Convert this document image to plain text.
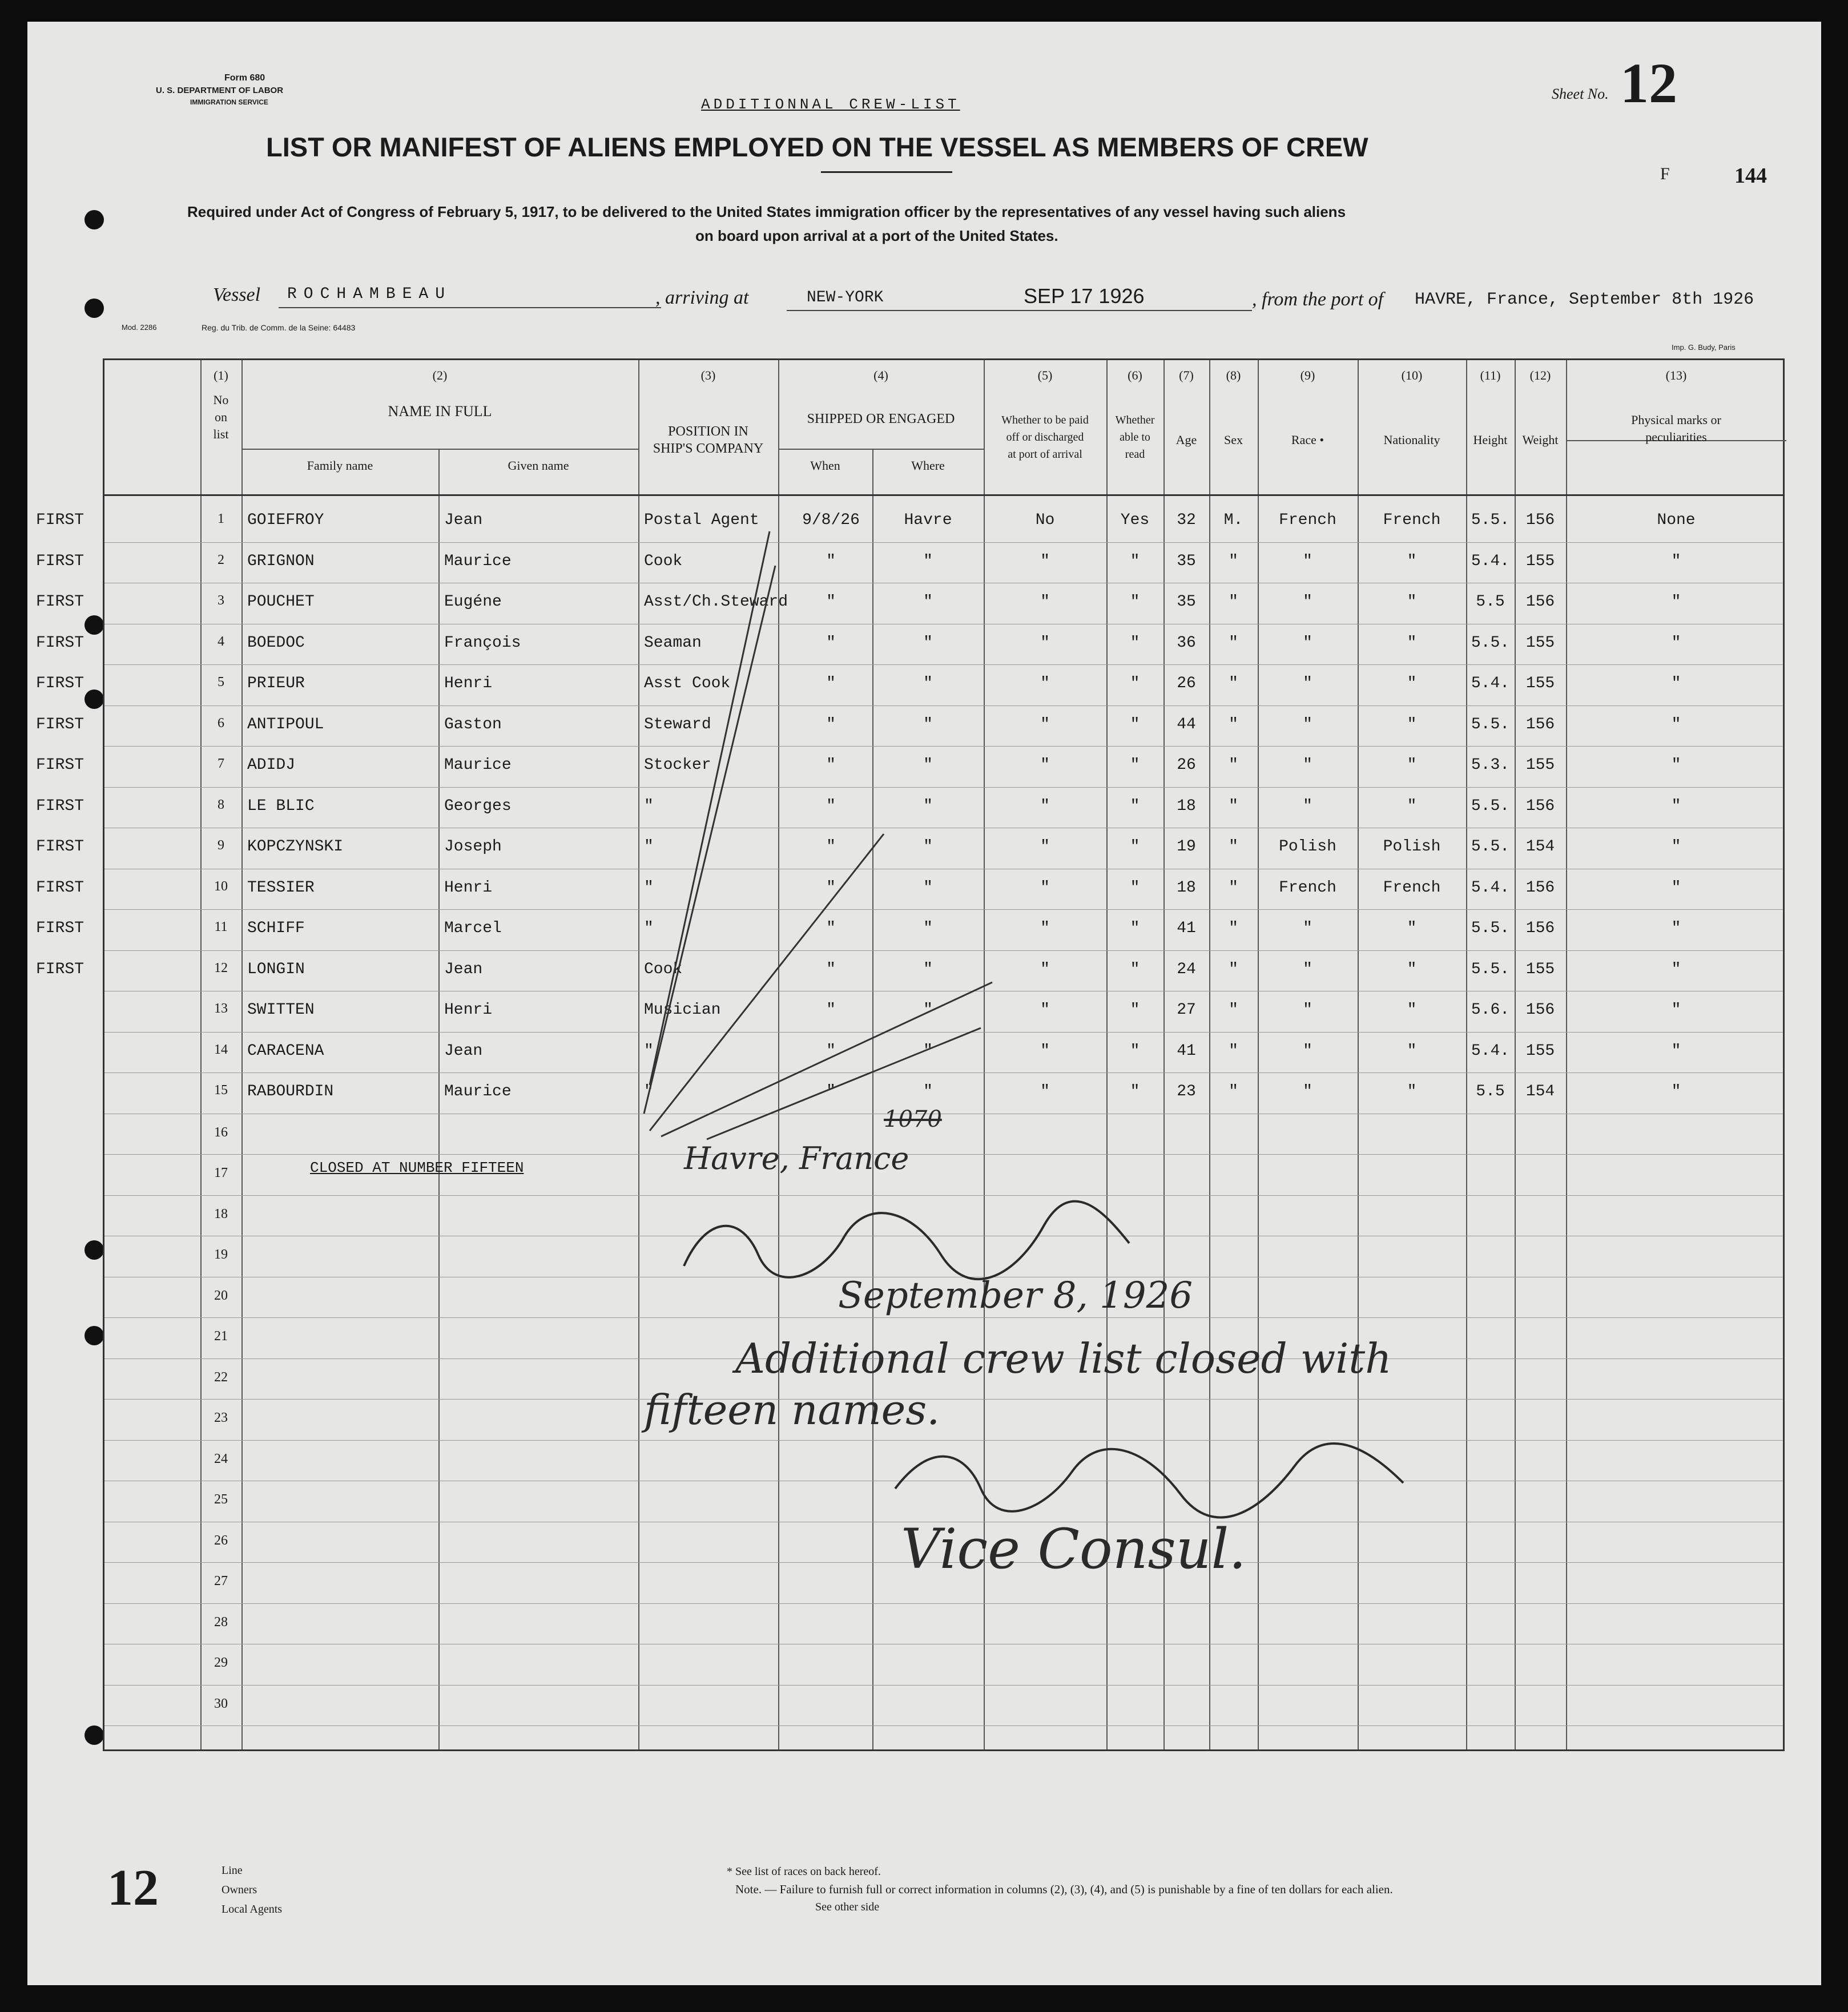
Form 680
U. S. DEPARTMENT OF LABOR
IMMIGRATION SERVICE	ADDITIONNAL CREW-LIST
Sheet No. 12
LIST OR MANIFEST OF ALIENS EMPLOYED ON THE VESSEL AS MEMBERS OF CREW
F	144
Required under Act of Congress of February 5, 1917, to be delivered to the United States immigration officer by the representatives of any vessel having such aliens
on board upon arrival at a port of the United States.
Vessel ROCHAMBEAU	, arriving at	NEW-YORK	SEP 17 1926	, from the port of HAVRE, France, September 8th 1926
Mod. 2286	Reg. du Trib. de Comm. de la Seine: 64483
Imp. G. Budy, Paris
(1)
No
on
list
(2)
NAME IN FULL
Family name	Given name
(3)
POSITION IN
SHIP'S COMPANY
(4)
SHIPPED OR ENGAGED
When	Where
(5)
Whether to be paid
off or discharged
at port of arrival
(6)
Whether
able to
read
(7)
Age
(8)
Sex
(9)
Race •
(10)
Nationality
(11)
Height
(12)
Weight
(13)
Physical marks or
peculiarities
FIRST	1	GOIEFROY	Jean	Postal Agent	9/8/26	Havre	No	Yes	32	M.	French	French	5.5.	156	None
FIRST	2	GRIGNON	Maurice	Cook	"	"	"	"	35	"	"	"	5.4.	155	"
FIRST	3	POUCHET	Eugéne	Asst/Ch.Steward	"	"	"	"	35	"	"	"	5.5	156	"
FIRST	4	BOEDOC	François	Seaman	"	"	"	"	36	"	"	"	5.5.	155	"
FIRST	5	PRIEUR	Henri	Asst Cook	"	"	"	"	26	"	"	"	5.4.	155	"
FIRST	6	ANTIPOUL	Gaston	Steward	"	"	"	"	44	"	"	"	5.5.	156	"
FIRST	7	ADIDJ	Maurice	Stocker	"	"	"	"	26	"	"	"	5.3.	155	"
FIRST	8	LE BLIC	Georges	"	"	"	"	"	18	"	"	"	5.5.	156	"
FIRST	9	KOPCZYNSKI	Joseph	"	"	"	"	"	19	"	Polish	Polish	5.5.	154	"
FIRST	10	TESSIER	Henri	"	"	"	"	"	18	"	French	French	5.4.	156	"
FIRST	11	SCHIFF	Marcel	"	"	"	"	"	41	"	"	"	5.5.	156	"
FIRST	12	LONGIN	Jean	Cook	"	"	"	"	24	"	"	"	5.5.	155	"
13	SWITTEN	Henri	Musician	"	"	"	"	27	"	"	"	5.6.	156	"
14	CARACENA	Jean	"	"	"	"	"	41	"	"	"	5.4.	155	"
15	RABOURDIN	Maurice	"	"	"	"	"	23	"	"	"	5.5	154	"
16
17
18
19
20
21
22
23
24
25
26
27
28
29
30
CLOSED AT NUMBER FIFTEEN	Havre, France
1070
September 8, 1926
Additional crew list closed with
fifteen names.
Vice Consul.
Line
Owners
Local Agents
12	* See list of races on back hereof.
Note. — Failure to furnish full or correct information in columns (2), (3), (4), and (5) is punishable by a fine of ten dollars for each alien.
See other side
